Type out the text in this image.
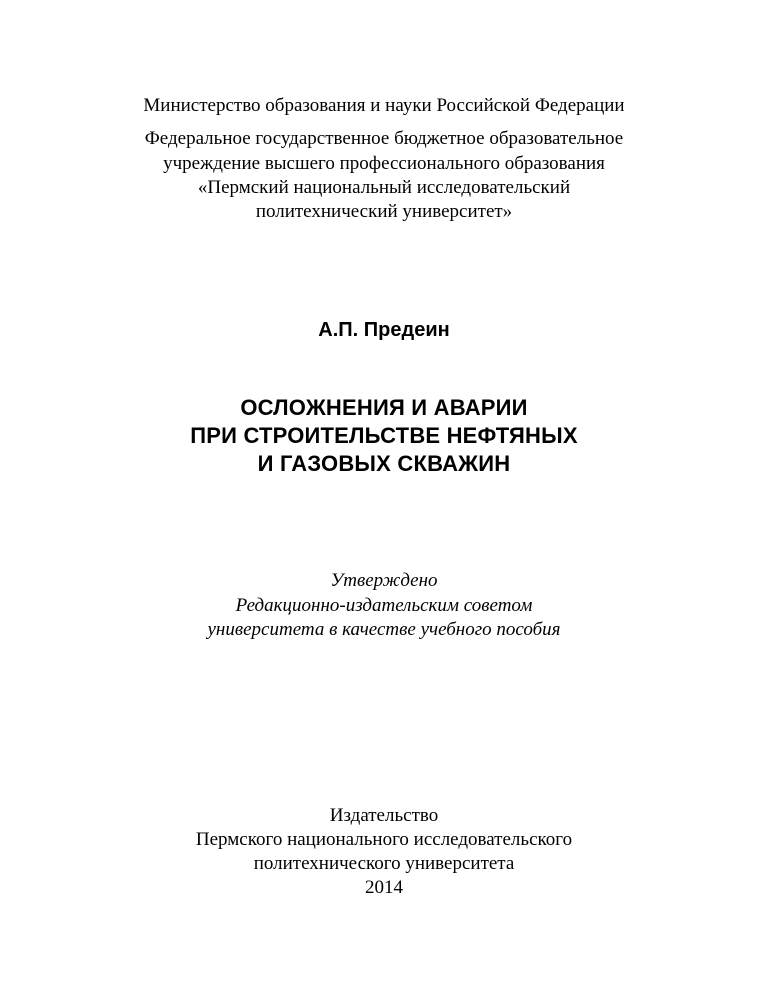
Министерство образования и науки Российской Федерации
Федеральное государственное бюджетное образовательное
учреждение высшего профессионального образования
«Пермский национальный исследовательский
политехнический университет»
А.П. Предеин
ОСЛОЖНЕНИЯ И АВАРИИ
ПРИ СТРОИТЕЛЬСТВЕ НЕФТЯНЫХ
И ГАЗОВЫХ СКВАЖИН
Утверждено
Редакционно-издательским советом
университета в качестве учебного пособия
Издательство
Пермского национального исследовательского
политехнического университета
2014
